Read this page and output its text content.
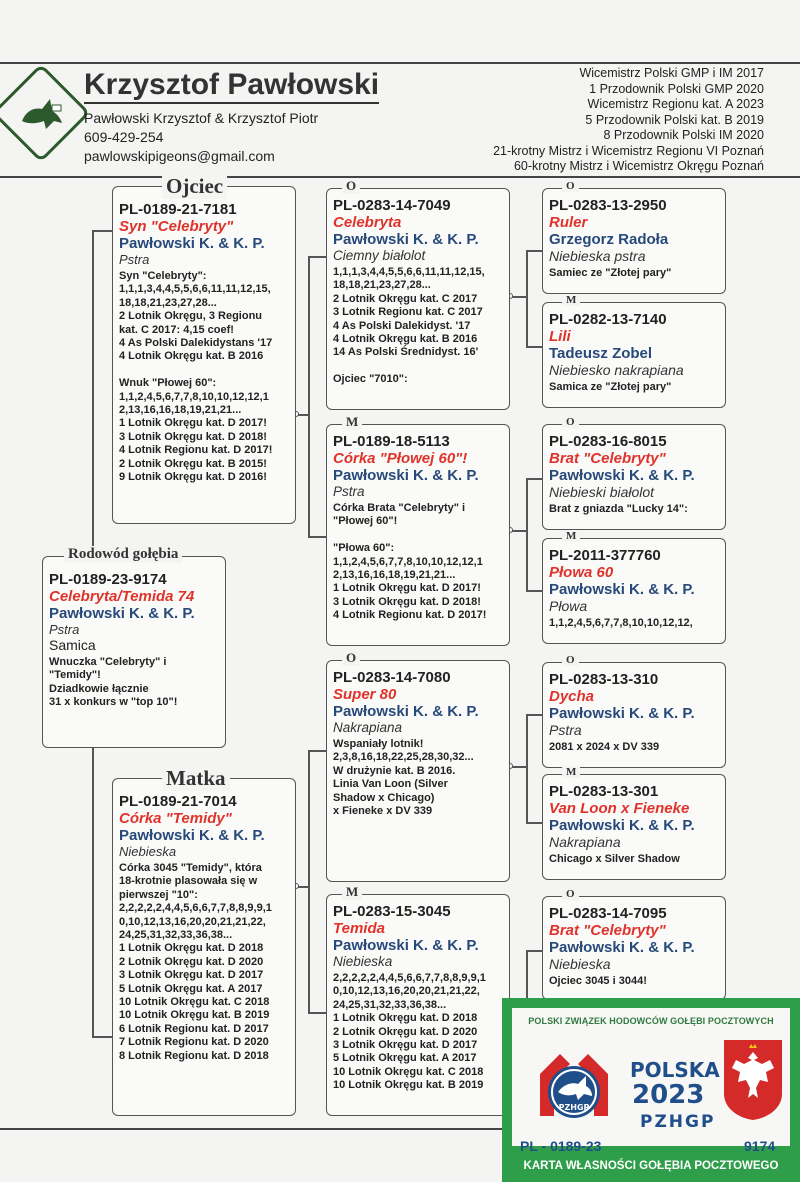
Krzysztof Pawłowski
Pawłowski Krzysztof & Krzysztof Piotr
609-429-254
pawlowskipigeons@gmail.com
Wicemistrz Polski GMP i IM 2017
1 Przodownik Polski GMP 2020
Wicemistrz Regionu kat. A 2023
5 Przodownik Polski kat. B 2019
8 Przodownik Polski IM 2020
21-krotny Mistrz i Wicemistrz Regionu VI Poznań
60-krotny Mistrz i Wicemistrz Okręgu Poznań
PL-0189-23-9174
Celebryta/Temida 74
Pawłowski K. & K. P.
Pstra
Samica
Wnuczka "Celebryty" i
"Temidy"!
Dziadkowie łącznie
31 x konkurs w "top 10"!
Rodowód gołębia
PL-0189-21-7181
Syn "Celebryty"
Pawłowski K. & K. P.
Pstra
Syn "Celebryty":
1,1,1,3,4,4,5,5,6,6,11,11,12,15,
18,18,21,23,27,28...
2 Lotnik Okręgu, 3 Regionu
kat. C 2017: 4,15 coef!
4 As Polski Dalekidystans '17
4 Lotnik Okręgu kat. B 2016

Wnuk "Płowej 60":
1,1,2,4,5,6,7,7,8,10,10,12,12,1
2,13,16,16,18,19,21,21...
1 Lotnik Okręgu kat. D 2017!
3 Lotnik Okręgu kat. D 2018!
4 Lotnik Regionu kat. D 2017!
2 Lotnik Okręgu kat. B 2015!
9 Lotnik Okręgu kat. D 2016!
Ojciec
PL-0189-21-7014
Córka "Temidy"
Pawłowski K. & K. P.
Niebieska
Córka 3045 "Temidy", która
18-krotnie plasowała się w
pierwszej "10":
2,2,2,2,2,4,4,5,6,6,7,7,8,8,9,9,1
0,10,12,13,16,20,20,21,21,22,
24,25,31,32,33,36,38...
1 Lotnik Okręgu kat. D 2018
2 Lotnik Okręgu kat. D 2020
3 Lotnik Okręgu kat. D 2017
5 Lotnik Okręgu kat. A 2017
10 Lotnik Okręgu kat. C 2018
10 Lotnik Okręgu kat. B 2019
6 Lotnik Regionu kat. D 2017
7 Lotnik Regionu kat. D 2020
8 Lotnik Regionu kat. D 2018
Matka
PL-0283-14-7049
Celebryta
Pawłowski K. & K. P.
Ciemny białolot
1,1,1,3,4,4,5,5,6,6,11,11,12,15,
18,18,21,23,27,28...
2 Lotnik Okręgu kat. C 2017
3 Lotnik Regionu kat. C 2017
4 As Polski Dalekidyst. '17
4 Lotnik Okręgu kat. B 2016
14 As Polski Średnidyst. 16'

Ojciec "7010":
O
PL-0189-18-5113
Córka "Płowej 60"!
Pawłowski K. & K. P.
Pstra
Córka Brata "Celebryty" i
"Płowej 60"!

"Płowa 60":
1,1,2,4,5,6,7,7,8,10,10,12,12,1
2,13,16,16,18,19,21,21...
1 Lotnik Okręgu kat. D 2017!
3 Lotnik Okręgu kat. D 2018!
4 Lotnik Regionu kat. D 2017!
M
PL-0283-14-7080
Super 80
Pawłowski K. & K. P.
Nakrapiana
Wspaniały lotnik!
2,3,8,16,18,22,25,28,30,32...
W drużynie kat. B 2016.
Linia Van Loon (Silver
Shadow x Chicago)
x Fieneke x DV 339
O
PL-0283-15-3045
Temida
Pawłowski K. & K. P.
Niebieska
2,2,2,2,2,4,4,5,6,6,7,7,8,8,9,9,1
0,10,12,13,16,20,20,21,21,22,
24,25,31,32,33,36,38...
1 Lotnik Okręgu kat. D 2018
2 Lotnik Okręgu kat. D 2020
3 Lotnik Okręgu kat. D 2017
5 Lotnik Okręgu kat. A 2017
10 Lotnik Okręgu kat. C 2018
10 Lotnik Okręgu kat. B 2019
M
PL-0283-13-2950
Ruler
Grzegorz Radoła
Niebieska pstra
Samiec ze "Złotej pary"
O
PL-0282-13-7140
Lili
Tadeusz Zobel
Niebiesko nakrapiana
Samica ze "Złotej pary"
M
PL-0283-16-8015
Brat "Celebryty"
Pawłowski K. & K. P.
Niebieski białolot
Brat z gniazda "Lucky 14":
O
PL-2011-377760
Płowa 60
Pawłowski K. & K. P.
Płowa
1,1,2,4,5,6,7,7,8,10,10,12,12,
M
PL-0283-13-310
Dycha
Pawłowski K. & K. P.
Pstra
2081 x 2024 x DV 339
O
PL-0283-13-301
Van Loon x Fieneke
Pawłowski K. & K. P.
Nakrapiana
Chicago x Silver Shadow
M
PL-0283-14-7095
Brat "Celebryty"
Pawłowski K. & K. P.
Niebieska
Ojciec 3045 i 3044!
O
POLSKI ZWIĄZEK HODOWCÓW GOŁĘBI POCZTOWYCH
PZHGP
POLSKA
2023
PZHGP
PL - 0189-23	9174
KARTA WŁASNOŚCI GOŁĘBIA POCZTOWEGO
